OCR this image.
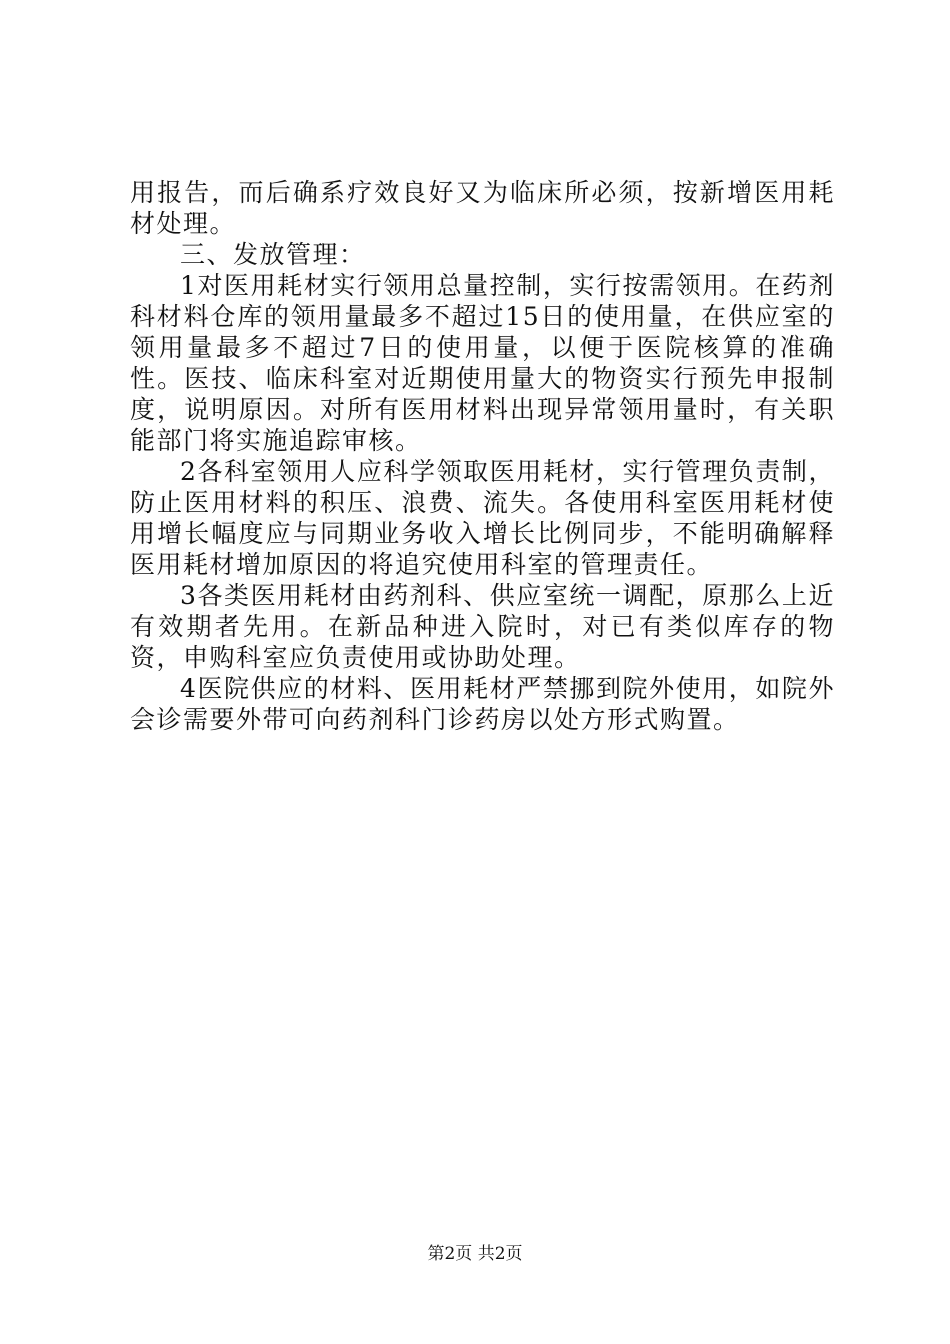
用报告，而后确系疗效良好又为临床所必须，按新增医用耗材处理。

三、发放管理：

1对医用耗材实行领用总量控制，实行按需领用。在药剂科材料仓库的领用量最多不超过15日的使用量，在供应室的领用量最多不超过7日的使用量，以便于医院核算的准确性。医技、临床科室对近期使用量大的物资实行预先申报制度，说明原因。对所有医用材料出现异常领用量时，有关职能部门将实施追踪审核。

2各科室领用人应科学领取医用耗材，实行管理负责制，防止医用材料的积压、浪费、流失。各使用科室医用耗材使用增长幅度应与同期业务收入增长比例同步，不能明确解释医用耗材增加原因的将追究使用科室的管理责任。

3各类医用耗材由药剂科、供应室统一调配，原那么上近有效期者先用。在新品种进入院时，对已有类似库存的物资，申购科室应负责使用或协助处理。

4医院供应的材料、医用耗材严禁挪到院外使用，如院外会诊需要外带可向药剂科门诊药房以处方形式购置。

第2页 共2页
